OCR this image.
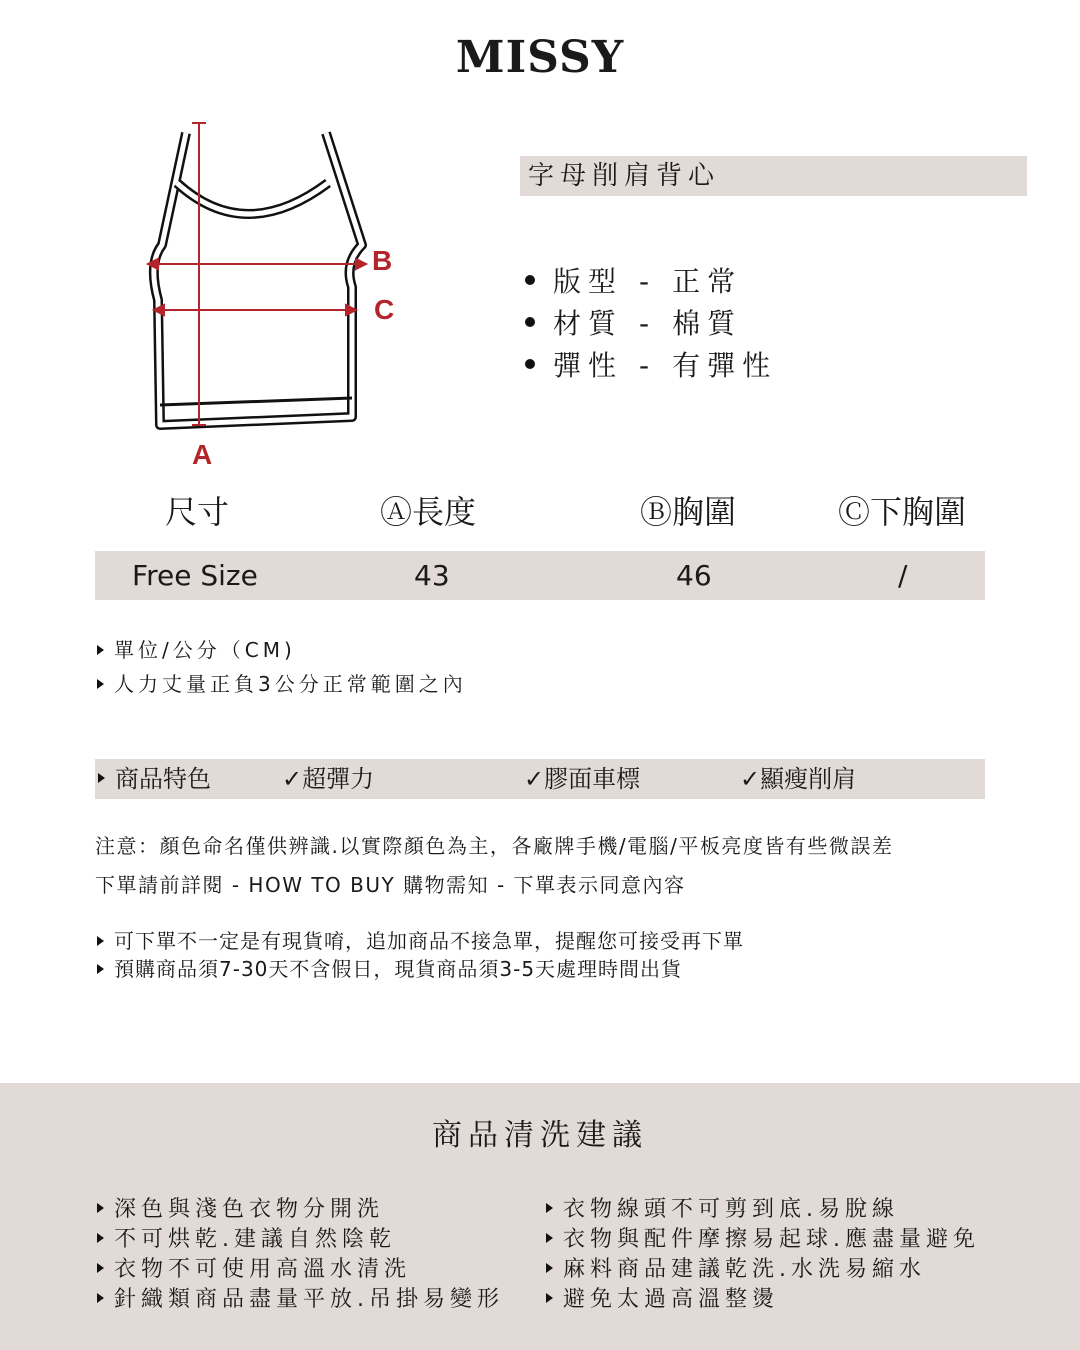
MISSY
A
B
C
字母削肩背心
版型 - 正常
材質 - 棉質
彈性 - 有彈性
尺寸	Ⓐ長度	Ⓑ胸圍	Ⓒ下胸圍
Free Size	43	46	/
單位/公分（CM)
人力丈量正負3公分正常範圍之內
商品特色	✓超彈力	✓膠面車標	✓顯瘦削肩
注意：顏色命名僅供辨識.以實際顏色為主，各廠牌手機/電腦/平板亮度皆有些微誤差
下單請前詳閱 - HOW TO BUY 購物需知 - 下單表示同意內容
可下單不一定是有現貨唷，追加商品不接急單，提醒您可接受再下單
預購商品須7-30天不含假日，現貨商品須3-5天處理時間出貨
商品清洗建議
深色與淺色衣物分開洗
不可烘乾.建議自然陰乾
衣物不可使用高溫水清洗
針織類商品盡量平放.吊掛易變形
衣物線頭不可剪到底.易脫線
衣物與配件摩擦易起球.應盡量避免
麻料商品建議乾洗.水洗易縮水
避免太過高溫整燙
